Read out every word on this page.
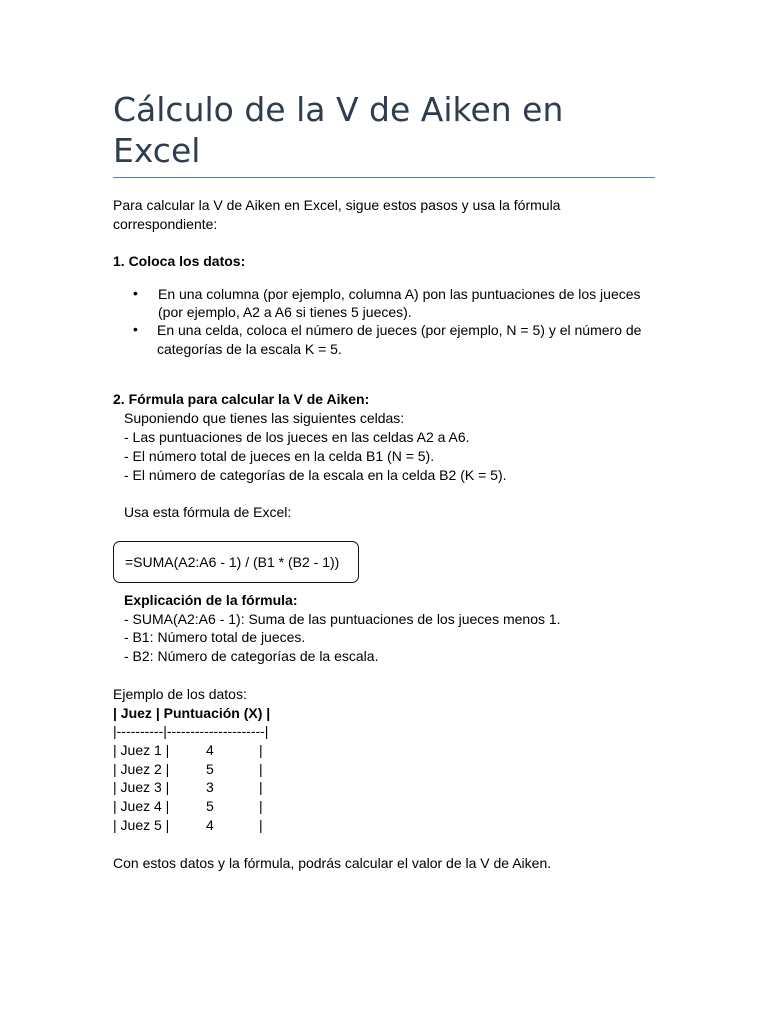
Cálculo de la V de Aiken en Excel

Para calcular la V de Aiken en Excel, sigue estos pasos y usa la fórmula correspondiente:

1. Coloca los datos:

• En una columna (por ejemplo, columna A) pon las puntuaciones de los jueces

(por ejemplo, A2 a A6 si tienes 5 jueces).

• En una celda, coloca el número de jueces (por ejemplo, N = 5) y el número de

categorías de la escala K = 5.

2. Fórmula para calcular la V de Aiken:

Suponiendo que tienes las siguientes celdas:

- Las puntuaciones de los jueces en las celdas A2 a A6.

- El número total de jueces en la celda B1 (N = 5).

- El número de categorías de la escala en la celda B2 (K = 5).

Usa esta fórmula de Excel:

=SUMA(A2:A6 - 1) / (B1 * (B2 - 1))

Explicación de la fórmula:

- SUMA(A2:A6 - 1): Suma de las puntuaciones de los jueces menos 1.

- B1: Número total de jueces.

- B2: Número de categorías de la escala.

Ejemplo de los datos:

| Juez | Puntuación (X) |

|----------|---------------------|

| Juez 1 |	4	|
| Juez 2 |	5	|
| Juez 3 |	3	|
| Juez 4 |	5	|
| Juez 5 |	4	|

Con estos datos y la fórmula, podrás calcular el valor de la V de Aiken.
